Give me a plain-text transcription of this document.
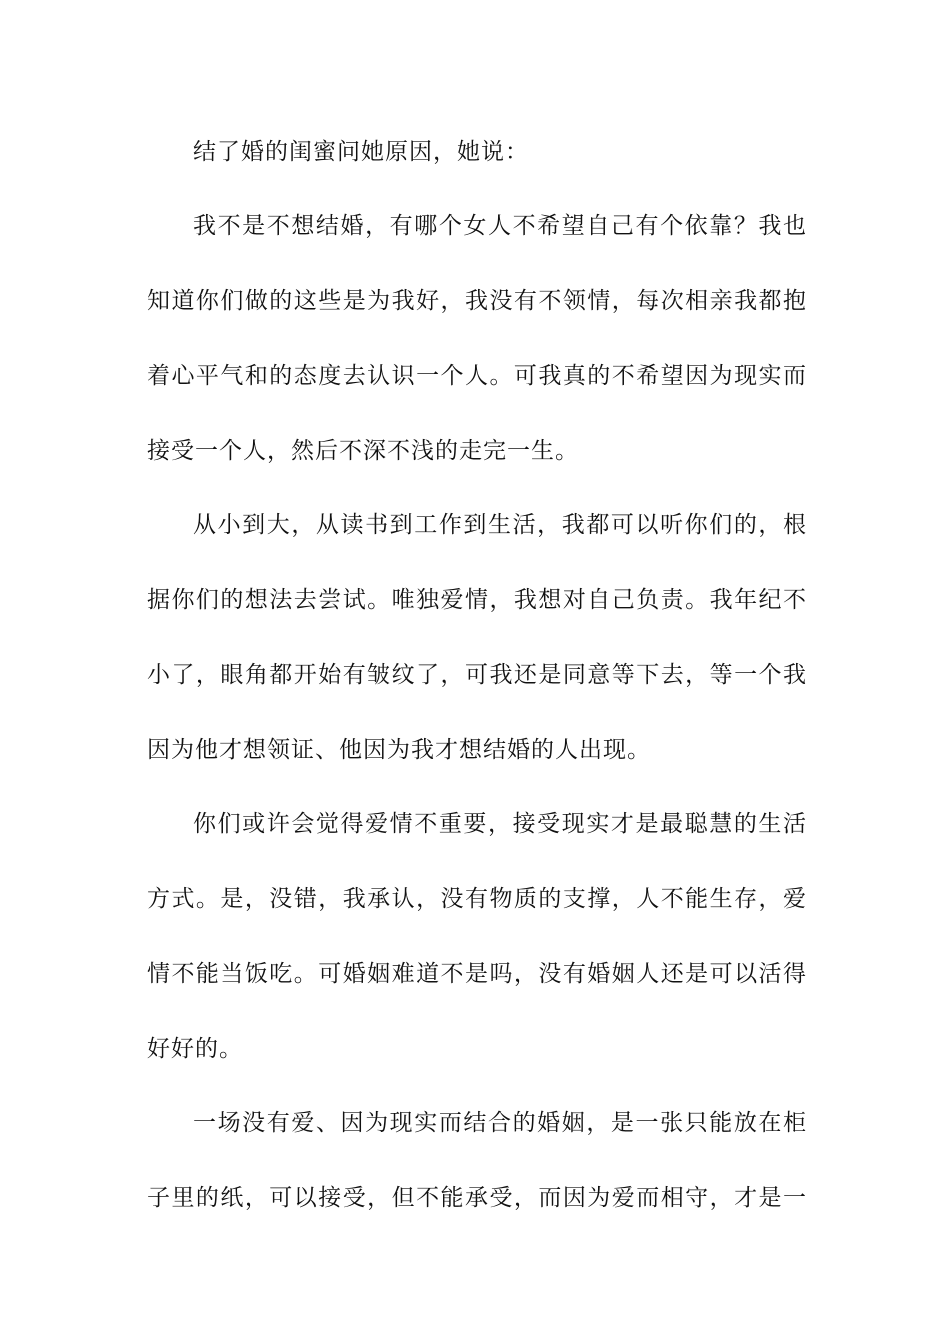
结了婚的闺蜜问她原因，她说：
我不是不想结婚，有哪个女人不希望自己有个依靠？我也
知道你们做的这些是为我好，我没有不领情，每次相亲我都抱
着心平气和的态度去认识一个人。可我真的不希望因为现实而
接受一个人，然后不深不浅的走完一生。
从小到大，从读书到工作到生活，我都可以听你们的，根
据你们的想法去尝试。唯独爱情，我想对自己负责。我年纪不
小了，眼角都开始有皱纹了，可我还是同意等下去，等一个我
因为他才想领证、他因为我才想结婚的人出现。
你们或许会觉得爱情不重要，接受现实才是最聪慧的生活
方式。是，没错，我承认，没有物质的支撑，人不能生存，爱
情不能当饭吃。可婚姻难道不是吗，没有婚姻人还是可以活得
好好的。
一场没有爱、因为现实而结合的婚姻，是一张只能放在柜
子里的纸，可以接受，但不能承受，而因为爱而相守，才是一
